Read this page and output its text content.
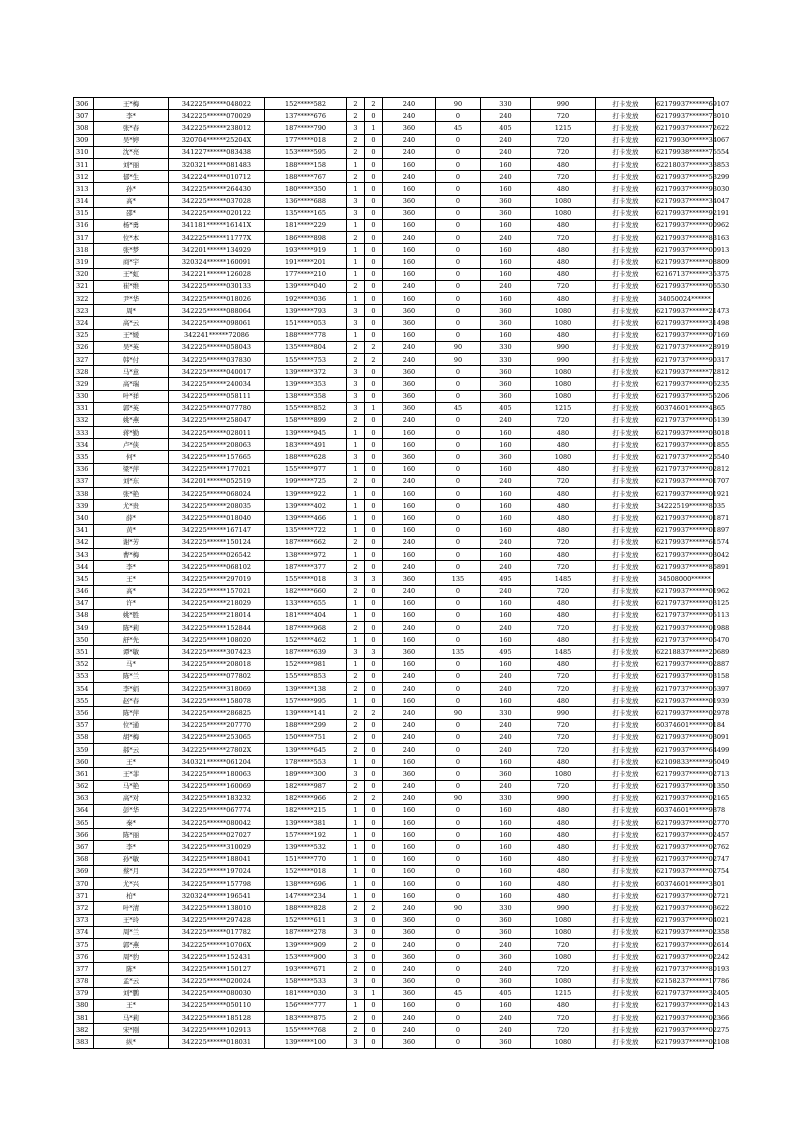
306	王*梅	342225******048022	152*****582	2	2	240	90	330	990	打卡发放	62179937******69107
307	李*	342225******070029	137*****676	2	0	240	0	240	720	打卡发放	62179937******78010
308	张*春	342225******238012	187*****790	3	1	360	45	405	1215	打卡发放	62179937******72622
309	吴*婷	320704******25204X	177*****018	2	0	240	0	240	720	打卡发放	62179930******34067
310	沈*亮	341227******083438	153*****595	2	0	240	0	240	720	打卡发放	62179938******75554
311	刘*丽	320321******081483	188*****158	1	0	160	0	160	480	打卡发放	62218037******33853
312	郁*生	342224******010712	188*****767	2	0	240	0	240	720	打卡发放	62179937******53299
313	孙*	342225******264430	180*****350	1	0	160	0	160	480	打卡发放	62179937******93030
314	高*	342225******037028	136*****688	3	0	360	0	360	1080	打卡发放	62179937******34047
315	邵*	342225******020122	135*****165	3	0	360	0	360	1080	打卡发放	62179937******92191
316	杨*勇	341181******16141X	181*****229	1	0	160	0	160	480	打卡发放	62179937******00962
317	位*本	342225******11777X	186*****898	2	0	240	0	240	720	打卡发放	62179937******83163
318	张*梦	342201******134929	193*****919	1	0	160	0	160	480	打卡发放	62179937******00913
319	商*宇	320324******160091	191*****201	1	0	160	0	160	480	打卡发放	62179937******08809
320	王*虹	342221******126028	177*****210	1	0	160	0	160	480	打卡发放	62167137******35375
321	崔*维	342225******030133	139*****040	2	0	240	0	240	720	打卡发放	62179937******06530
322	尹*华	342225******018026	192*****036	1	0	160	0	160	480	打卡发放	34050024******
323	周*	342225******088064	139*****793	3	0	360	0	360	1080	打卡发放	62179937******21473
324	高*云	342225******098061	151*****053	3	0	360	0	360	1080	打卡发放	62179937******31498
325	王*媛	342241******72086	188*****778	1	0	160	0	160	480	打卡发放	62179937******07169
326	吴*英	342225******058043	135*****804	2	2	240	90	330	990	打卡发放	62179737******28919
327	韩*付	342225******037830	155*****753	2	2	240	90	330	990	打卡发放	62179737******90317
328	马*意	342225******040017	139*****372	3	0	360	0	360	1080	打卡发放	62179937******72812
329	高*瑞	342225******240034	139*****353	3	0	360	0	360	1080	打卡发放	62179937******06235
330	叶*祥	342225******058111	138*****358	3	0	360	0	360	1080	打卡发放	62179937******55206
331	郭*英	342225******077780	155*****852	3	1	360	45	405	1215	打卡发放	60374601******4865
332	姚*燕	342225******258047	158*****899	2	0	240	0	240	720	打卡发放	62179737******05139
333	蒋*勤	342225******028011	139*****945	1	0	160	0	160	480	打卡发放	62179937******03018
334	卢*侠	342225******208063	183*****491	1	0	160	0	160	480	打卡发放	62179937******01855
335	何*	342225******157665	188*****628	3	0	360	0	360	1080	打卡发放	62179737******26540
336	梁*萍	342225******177021	155*****977	1	0	160	0	160	480	打卡发放	62179737******02812
337	刘*东	342201******052519	199*****725	2	0	240	0	240	720	打卡发放	62179937******01707
338	张*艳	342225******068024	139*****922	1	0	160	0	160	480	打卡发放	62179937******01921
339	尤*贵	342225******208035	139*****402	1	0	160	0	160	480	打卡发放	34222519******8035
340	薛*	342225******018040	139*****466	1	0	160	0	160	480	打卡发放	62179937******01871
341	黄*	342225******167147	135*****722	1	0	160	0	160	480	打卡发放	62179937******01897
342	谢*芳	342225******150124	187*****662	2	0	240	0	240	720	打卡发放	62179937******61574
343	曹*梅	342225******026542	138*****972	1	0	160	0	160	480	打卡发放	62179937******03042
344	李*	342225******068102	187*****377	2	0	240	0	240	720	打卡发放	62179937******86891
345	王*	342225******297019	155*****018	3	3	360	135	495	1485	打卡发放	34508000******
346	高*	342225******157021	182*****660	2	0	240	0	240	720	打卡发放	62179937******01962
347	许*	342225******218029	133*****655	1	0	160	0	160	480	打卡发放	62179737******03125
348	姚*胜	342225******218014	181*****404	1	0	160	0	160	480	打卡发放	62179737******05113
349	陈*莉	342225******152844	187*****968	2	0	240	0	240	720	打卡发放	62179937******01988
350	舒*先	342225******108020	152*****462	1	0	160	0	160	480	打卡发放	62179737******05470
351	谭*敏	342225******307423	187*****639	3	3	360	135	495	1485	打卡发放	62218837******20689
352	马*	342225******208018	152*****981	1	0	160	0	160	480	打卡发放	62179937******02887
353	陈*兰	342225******077802	155*****853	2	0	240	0	240	720	打卡发放	62179937******03158
354	李*娟	342225******318069	139*****138	2	0	240	0	240	720	打卡发放	62179737******05397
355	赵*春	342225******158078	157*****995	1	0	160	0	160	480	打卡发放	62179937******01939
356	陈*萍	342225******286825	139*****141	2	2	240	90	330	990	打卡发放	62179937******02978
357	位*通	342225******207770	188*****299	2	0	240	0	240	720	打卡发放	60374601******0184
358	胡*梅	342225******253065	150*****751	2	0	240	0	240	720	打卡发放	62179937******03091
359	郝*云	342225******27802X	139*****645	2	0	240	0	240	720	打卡发放	62179937******64499
360	王*	340321******061204	178*****553	1	0	160	0	160	480	打卡发放	62109833******95049
361	王*菲	342225******180063	189*****300	3	0	360	0	360	1080	打卡发放	62179937******02713
362	马*艳	342225******160069	182*****987	2	0	240	0	240	720	打卡发放	62179937******01350
363	高*对	342225******183232	182*****966	2	2	240	90	330	990	打卡发放	62179937******02165
364	彭*华	342225******067774	182*****215	1	0	160	0	160	480	打卡发放	60374601******9878
365	秦*	342225******080042	139*****381	1	0	160	0	160	480	打卡发放	62179937******02770
366	陈*丽	342225******027027	157*****192	1	0	160	0	160	480	打卡发放	62179937******02457
367	李*	342225******310029	139*****532	1	0	160	0	160	480	打卡发放	62179937******02762
368	孙*敏	342225******188041	151*****770	1	0	160	0	160	480	打卡发放	62179937******02747
369	蔡*月	342225******197024	152*****018	1	0	160	0	160	480	打卡发放	62179937******02754
370	尤*兴	342225******157798	138*****696	1	0	160	0	160	480	打卡发放	60374601******3801
371	柏*	320324******196541	147*****234	1	0	160	0	160	480	打卡发放	62179937******02721
372	叶*清	342225******138010	188*****828	2	2	240	90	330	990	打卡发放	62179937******03622
373	王*玲	342225******297428	152*****611	3	0	360	0	360	1080	打卡发放	62179937******04021
374	周*兰	342225******017782	187*****278	3	0	360	0	360	1080	打卡发放	62179937******02358
375	郭*燕	342225******10706X	139*****909	2	0	240	0	240	720	打卡发放	62179937******02614
376	周*豹	342225******152431	153*****900	3	0	360	0	360	1080	打卡发放	62179937******02242
377	陈*	342225******150127	193*****671	2	0	240	0	240	720	打卡发放	62179737******80193
378	孟*云	342225******020024	158*****533	3	0	360	0	360	1080	打卡发放	62158237******17786
379	刘*鹏	342225******080030	181*****030	3	1	360	45	405	1215	打卡发放	62179737******32405
380	王*	342225******050110	156*****777	1	0	160	0	160	480	打卡发放	62179937******02143
381	马*莉	342225******185128	183*****875	2	0	240	0	240	720	打卡发放	62179937******02366
382	宋*刚	342225******102913	155*****768	2	0	240	0	240	720	打卡发放	62179937******02275
383	纵*	342225******018031	139*****100	3	0	360	0	360	1080	打卡发放	62179937******02108
